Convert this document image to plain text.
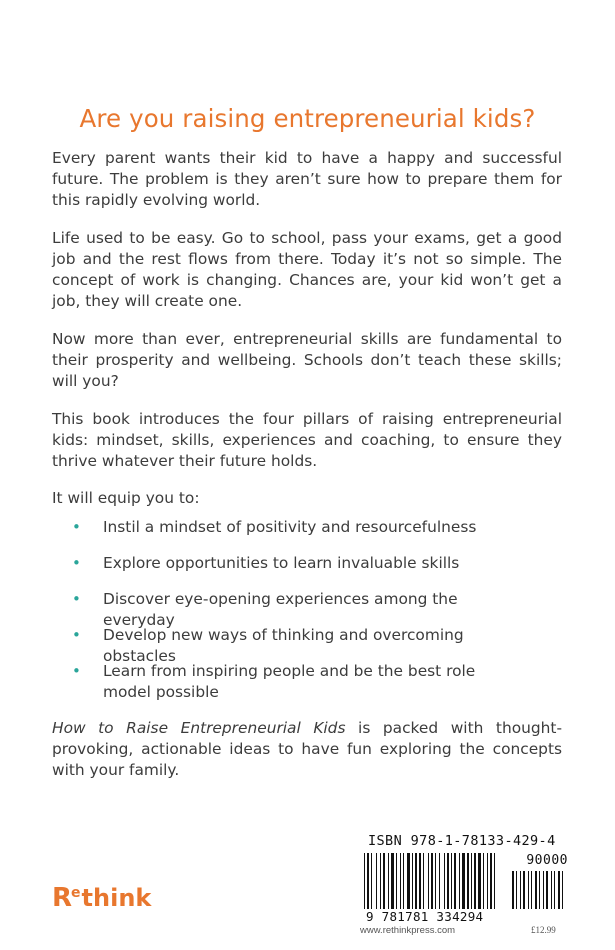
Are you raising entrepreneurial kids?

Every parent wants their kid to have a happy and successful future. The problem is they aren’t sure how to prepare them for this rapidly evolving world.

Life used to be easy. Go to school, pass your exams, get a good job and the rest flows from there. Today it’s not so simple. The concept of work is changing. Chances are, your kid won’t get a job, they will create one.

Now more than ever, entrepreneurial skills are fundamental to their prosperity and wellbeing. Schools don’t teach these skills; will you?

This book introduces the four pillars of raising entrepreneurial kids: mindset, skills, experiences and coaching, to ensure they thrive whatever their future holds.

It will equip you to:

• Instil a mindset of positivity and resourcefulness
• Explore opportunities to learn invaluable skills
• Discover eye-opening experiences among the everyday
• Develop new ways of thinking and overcoming obstacles
• Learn from inspiring people and be the best role model possible

How to Raise Entrepreneurial Kids is packed with thought-provoking, actionable ideas to have fun exploring the concepts with your family.

$R^ethink$
ISBN 978-1-78133-429-4
90000
9 781781 334294
www.rethinkpress.com	£12.99
